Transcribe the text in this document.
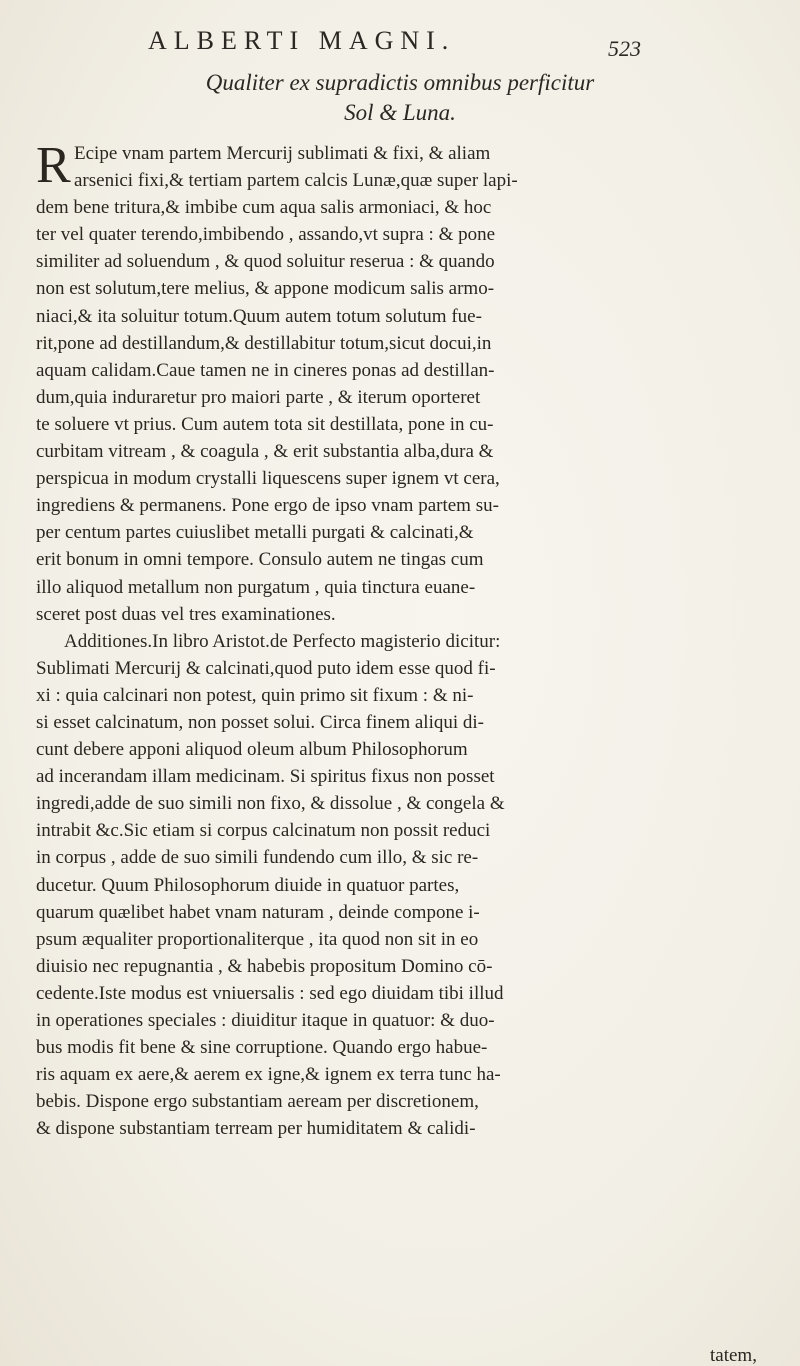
ALBERTI MAGNI.	523
Qualiter ex supradictis omnibus perficitur
Sol & Luna.
R Ecipe vnam partem Mercurij sublimati & fixi, & aliam
arsenici fixi,& tertiam partem calcis Lunæ,quæ super lapi-
dem bene tritura,& imbibe cum aqua salis armoniaci, & hoc
ter vel quater terendo,imbibendo , assando,vt supra : & pone
similiter ad soluendum , & quod soluitur reserua : & quando
non est solutum,tere melius, & appone modicum salis armo-
niaci,& ita soluitur totum.Quum autem totum solutum fue-
rit,pone ad destillandum,& destillabitur totum,sicut docui,in
aquam calidam.Caue tamen ne in cineres ponas ad destillan-
dum,quia induraretur pro maiori parte , & iterum oporteret
te soluere vt prius. Cum autem tota sit destillata, pone in cu-
curbitam vitream , & coagula , & erit substantia alba,dura &
perspicua in modum crystalli liquescens super ignem vt cera,
ingrediens & permanens. Pone ergo de ipso vnam partem su-
per centum partes cuiuslibet metalli purgati & calcinati,&
erit bonum in omni tempore. Consulo autem ne tingas cum
illo aliquod metallum non purgatum , quia tinctura euane-
sceret post duas vel tres examinationes.
Additiones.In libro Aristot.de Perfecto magisterio dicitur:
Sublimati Mercurij & calcinati,quod puto idem esse quod fi-
xi : quia calcinari non potest, quin primo sit fixum : & ni-
si esset calcinatum, non posset solui. Circa finem aliqui di-
cunt debere apponi aliquod oleum album Philosophorum
ad incerandam illam medicinam. Si spiritus fixus non posset
ingredi,adde de suo simili non fixo, & dissolue , & congela &
intrabit &c.Sic etiam si corpus calcinatum non possit reduci
in corpus , adde de suo simili fundendo cum illo, & sic re-
ducetur. Quum Philosophorum diuide in quatuor partes,
quarum quælibet habet vnam naturam , deinde compone i-
psum æqualiter proportionaliterque , ita quod non sit in eo
diuisio nec repugnantia , & habebis propositum Domino cō-
cedente.Iste modus est vniuersalis : sed ego diuidam tibi illud
in operationes speciales : diuiditur itaque in quatuor: & duo-
bus modis fit bene & sine corruptione. Quando ergo habue-
ris aquam ex aere,& aerem ex igne,& ignem ex terra tunc ha-
bebis. Dispone ergo substantiam aeream per discretionem,
& dispone substantiam terream per humiditatem & calidi-
tatem,
